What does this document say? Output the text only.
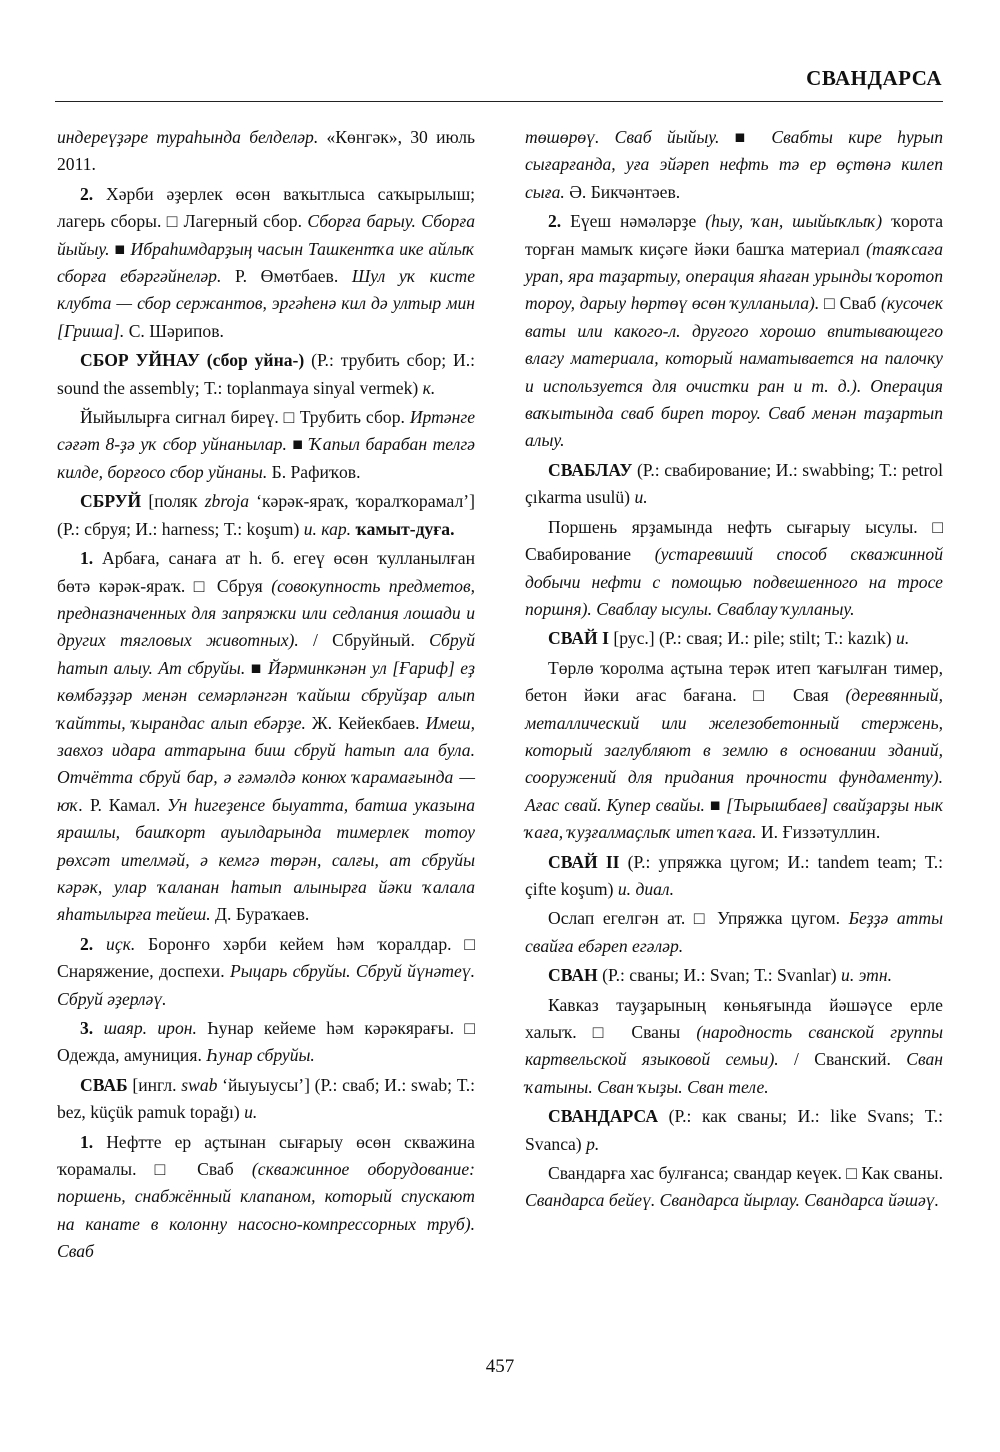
СВАНДАРСА

индереүҙәре тураһында белделәр. «Көнгәк», 30 июль 2011.

2. Хәрби әҙерлек өсөн ваҡытлыса саҡырылыш; лагерь сборы. □ Лагерный сбор. Сборға барыу. Сборға йыйыу. ■ Ибраһимдарҙың часын Ташкентҡа ике айлыҡ сборға ебәргәйнеләр. Р. Өмөтбаев. Шул уҡ кисте клубта — сбор сержантов, эргәһенә кил дә ултыр мин [Гриша]. С. Шәрипов.

СБОР УЙНАУ (сбор уйна-) (Р.: трубить сбор; И.: sound the assembly; Т.: toplanmaya sinyal vermek) к.

Йыйылырға сигнал биреү. □ Трубить сбор. Иртәнге сәғәт 8-ҙә уҡ сбор уйнанылар. ■ Ҡапыл барабан телгә килде, борғосо сбор уйнаны. Б. Рафиҡов.

СБРУЙ [поляк zbroja ‘кәрәк-яраҡ, ҡоралҡорамал’] (Р.: сбруя; И.: harness; Т.: koşum) и. кар. ҡамыт-дуға.

1. Арбаға, санаға ат һ. б. егеү өсөн ҡулланылған бөтә кәрәк-яраҡ. □ Сбруя (совокупность предметов, предназначенных для запряжки или седлания лошади и других тягловых животных). / Сбруйный. Сбруй һатып алыу. Ат сбруйы. ■ Йәрминкәнән ул [Ғариф] еҙ көмбәҙҙәр менән семәрләнгән ҡайыш сбруйҙар алып ҡайтты, ҡырандас алып ебәрҙе. Ж. Кейекбаев. Имеш, завхоз идара аттарына биш сбруй һатып ала була. Отчётта сбруй бар, ә ғәмәлдә конюх ҡарамағында — юҡ. Р. Камал. Ун һигеҙенсе быуатта, батша указына ярашлы, башҡорт ауылдарында тимерлек тотоу рөхсәт ителмәй, ә кемгә төрән, салғы, ат сбруйы кәрәк, улар ҡаланан һатып алынырға йәки ҡалала яһатылырға тейеш. Д. Бураҡаев.

2. иҫк. Боронғо хәрби кейем һәм ҡоралдар. □ Снаряжение, доспехи. Рыцарь сбруйы. Сбруй йүнәтеү. Сбруй әҙерләү.

3. шаяр. ирон. Һунар кейеме һәм кәрәкярағы. □ Одежда, амуниция. Һунар сбруйы.

СВАБ [ингл. swab ‘йыуыусы’] (Р.: сваб; И.: swab; Т.: bez, küçük pamuk topağı) и.

1. Нефтте ер аҫтынан сығарыу өсөн скважина ҡорамалы. □ Сваб (скважинное оборудование: поршень, снабжённый клапаном, который спускают на канате в колонну насосно-компрессорных труб). Сваб

төшөрөү. Сваб йыйыу. ■ Свабты кире һурып сығарғанда, уға эйәреп нефть тә ер өҫтөнә килеп сыға. Ә. Бикчәнтәев.

2. Еүеш нәмәләрҙе (һыу, ҡан, шыйыҡлыҡ) ҡорота торған мамыҡ киҫәге йәки башҡа материал (таяҡсаға урап, яра таҙартыу, операция яһаған урынды ҡоротоп тороу, дарыу һөртөү өсөн ҡулланыла). □ Сваб (кусочек ваты или какого-л. другого хорошо впитывающего влагу материала, который наматывается на палочку и используется для очистки ран и т. д.). Операция ваҡытында сваб биреп тороу. Сваб менән таҙартып алыу.

СВАБЛАУ (Р.: свабирование; И.: swabbing; Т.: petrol çıkarma usulü) и.

Поршень ярҙамында нефть сығарыу ысулы. □ Свабирование (устаревший способ скважинной добычи нефти с помощью подвешенного на тросе поршня). Сваблау ысулы. Сваблау ҡулланыу.

СВАЙ I [рус.] (Р.: свая; И.: pile; stilt; Т.: kazık) и.

Төрлө ҡоролма аҫтына терәк итеп ҡағылған тимер, бетон йәки ағас бағана. □ Свая (деревянный, металлический или железобетонный стержень, который заглубляют в землю в основании зданий, сооружений для придания прочности фундаменту). Ағас свай. Купер свайы. ■ [Тырышбаев] свайҙарҙы нык ҡаға, ҡуҙғалмаҫлыҡ итеп ҡаға. И. Ғиззәтуллин.

СВАЙ II (Р.: упряжка цугом; И.: tandem team; Т.: çifte koşum) и. диал.

Ослап егелгән ат. □ Упряжка цугом. Беҙҙә атты свайға ебәреп егәләр.

СВАН (Р.: сваны; И.: Svan; Т.: Svanlar) и. этн.

Кавказ тауҙарының көньяғында йәшәүсе ерле халыҡ. □ Сваны (народность сванской группы картвельской языковой семьи). / Сванский. Сван ҡатыны. Сван ҡыҙы. Сван теле.

СВАНДАРСА (Р.: как сваны; И.: like Svans; Т.: Svanca) р.

Свандарға хас булғанса; свандар кеүек. □ Как сваны. Свандарса бейеү. Свандарса йырлау. Свандарса йәшәү.

457
